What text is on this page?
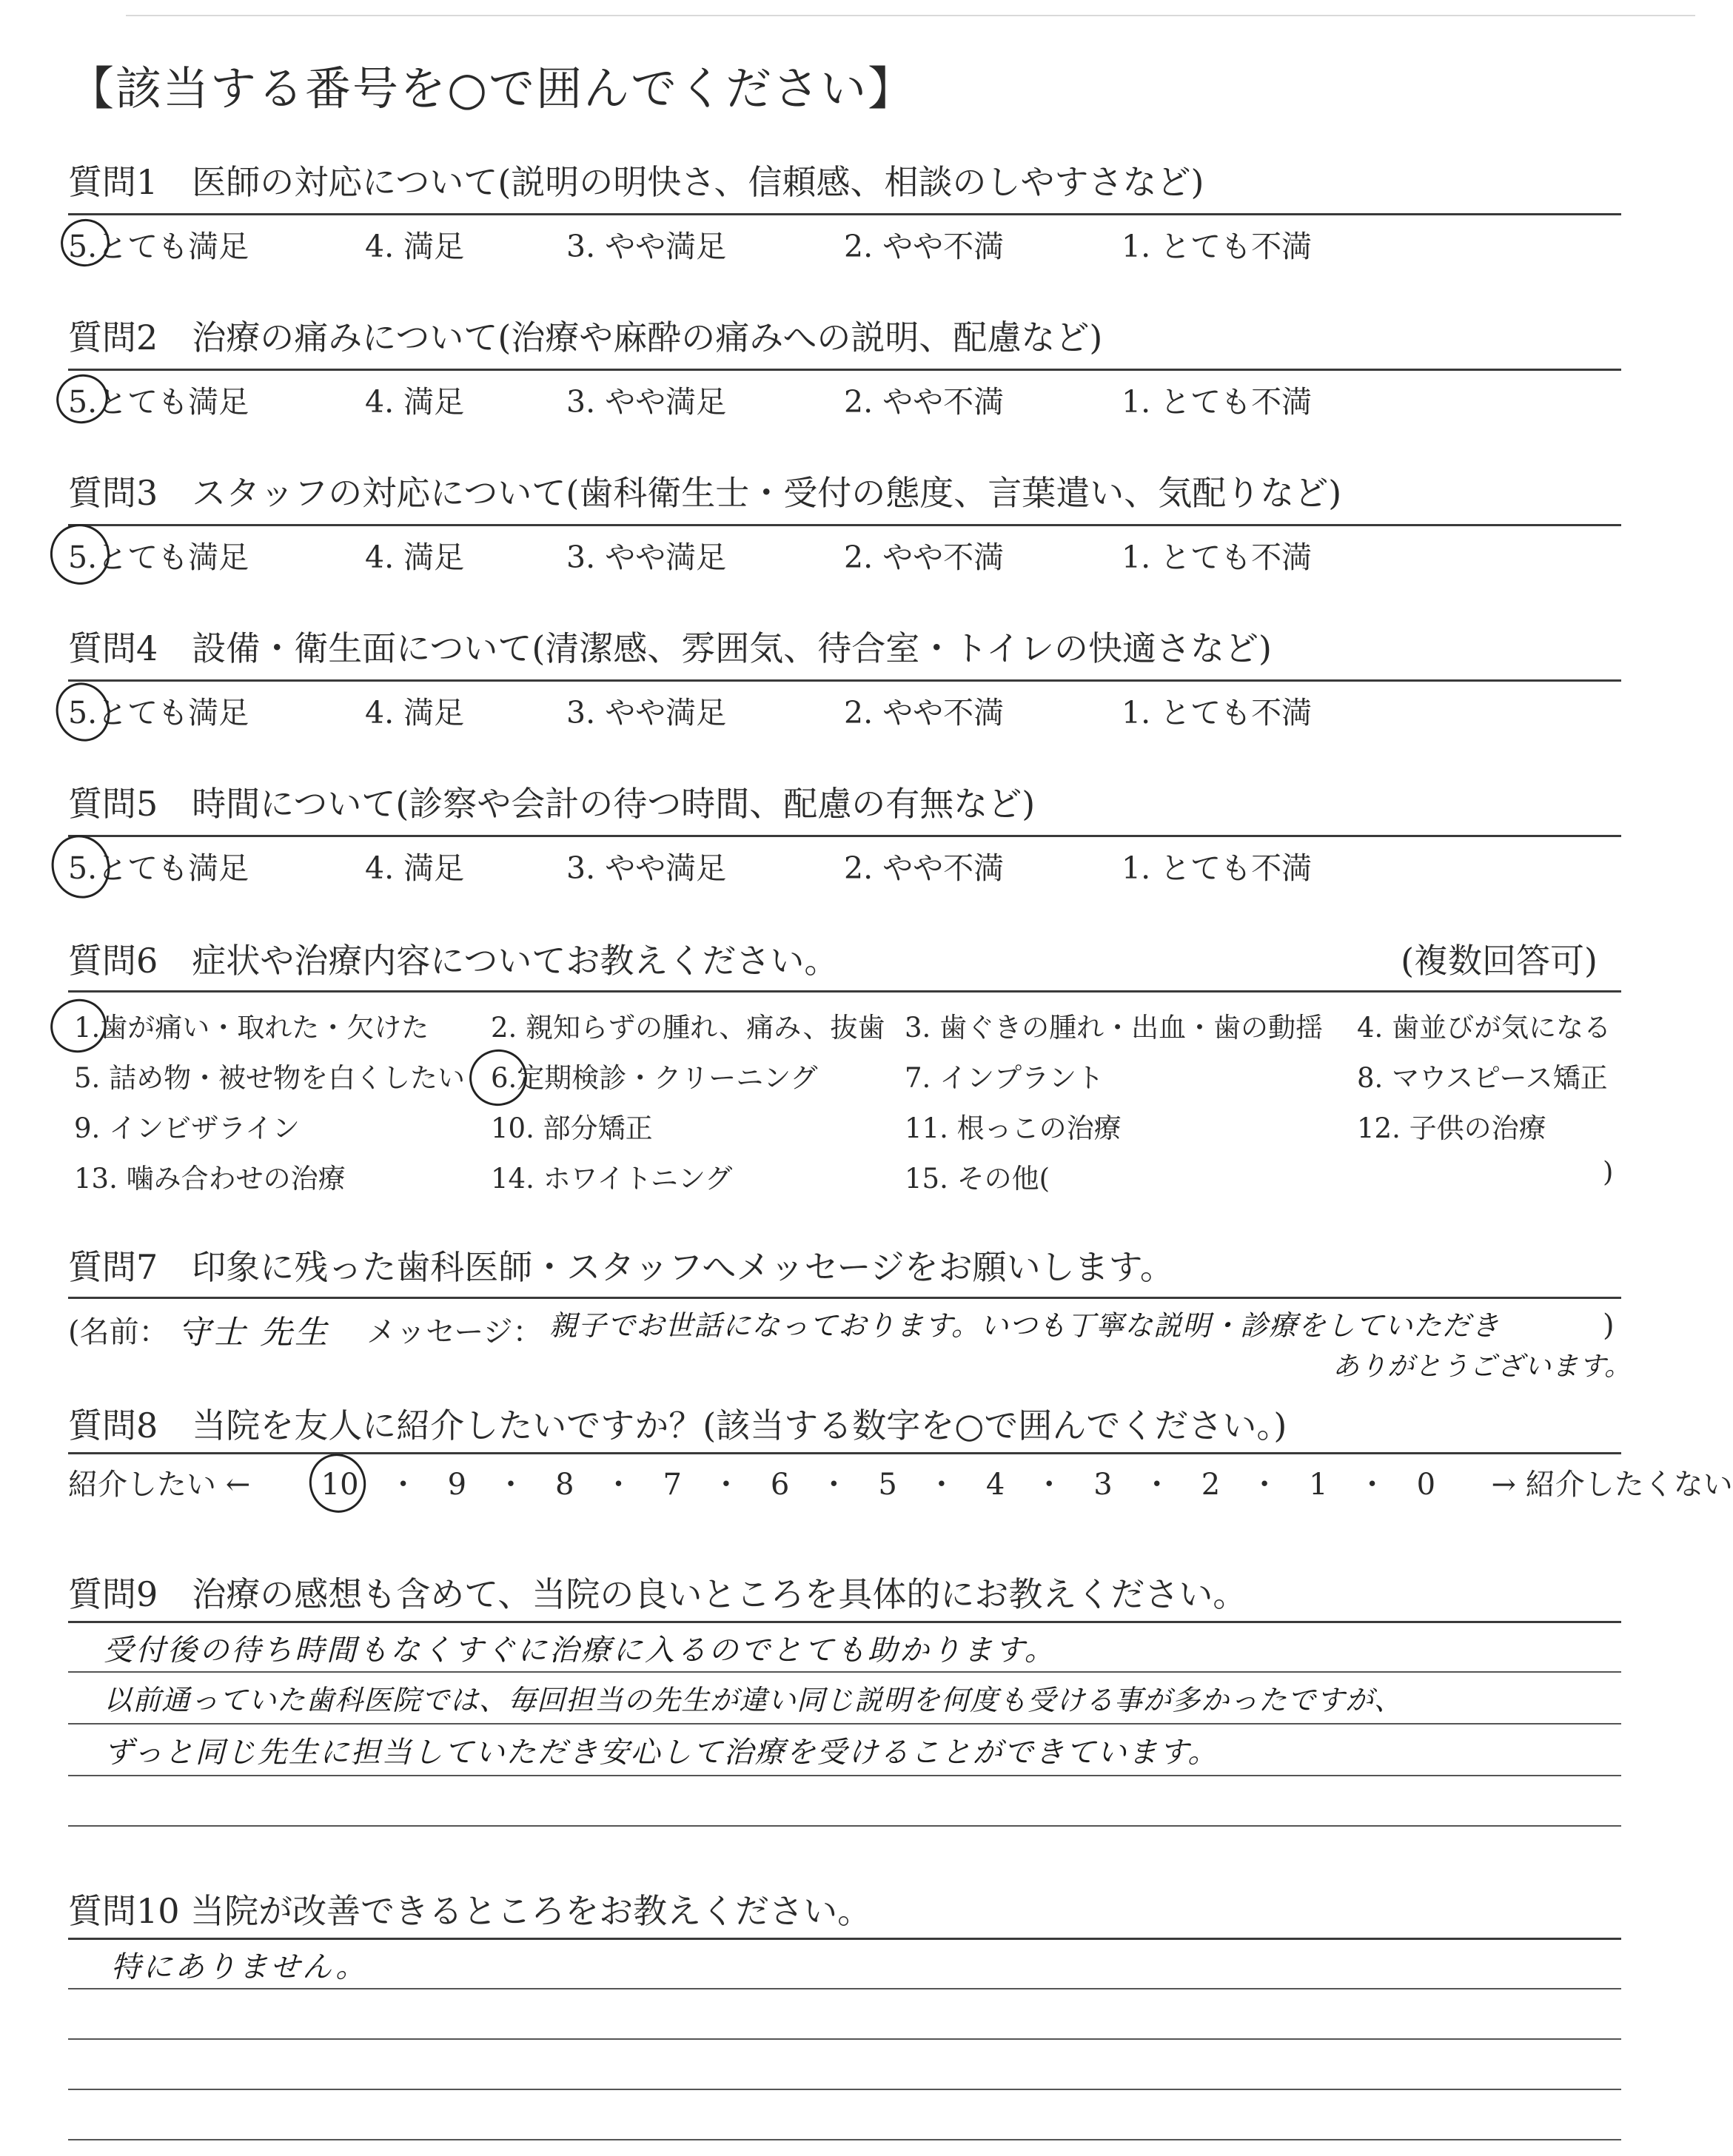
【該当する番号を○で囲んでください】
質問1　医師の対応について(説明の明快さ、信頼感、相談のしやすさなど)
5.とても満足	4. 満足	3. やや満足	2. やや不満	1. とても不満
質問2　治療の痛みについて(治療や麻酔の痛みへの説明、配慮など)
5.とても満足	4. 満足	3. やや満足	2. やや不満	1. とても不満
質問3　スタッフの対応について(歯科衛生士・受付の態度、言葉遣い、気配りなど)
5.とても満足	4. 満足	3. やや満足	2. やや不満	1. とても不満
質問4　設備・衛生面について(清潔感、雰囲気、待合室・トイレの快適さなど)
5.とても満足	4. 満足	3. やや満足	2. やや不満	1. とても不満
質問5　時間について(診察や会計の待つ時間、配慮の有無など)
5.とても満足	4. 満足	3. やや満足	2. やや不満	1. とても不満
質問6　症状や治療内容についてお教えください。	(複数回答可)
1.歯が痛い・取れた・欠けた 2. 親知らずの腫れ、痛み、抜歯 3. 歯ぐきの腫れ・出血・歯の動揺 4. 歯並びが気になる
5. 詰め物・被せ物を白くしたい 6.定期検診・クリーニング	7. インプラント	8. マウスピース矯正
9. インビザライン	10. 部分矯正	11. 根っこの治療	12. 子供の治療
13. 噛み合わせの治療	14. ホワイトニング	15. その他(	)
質問7　印象に残った歯科医師・スタッフへメッセージをお願いします。
(名前： 守士 先生 メッセージ： 親子でお世話になっております。いつも丁寧な説明・診療をしていただき
ありがとうございます。
)
質問8　当院を友人に紹介したいですか？(該当する数字を○で囲んでください。)
紹介したい ← 10　・　9　・　8　・　7　・　6　・　5　・　4　・　3　・　2　・　1　・　0 → 紹介したくない
質問9　治療の感想も含めて、当院の良いところを具体的にお教えください。
受付後の待ち時間もなくすぐに治療に入るのでとても助かります。
以前通っていた歯科医院では、毎回担当の先生が違い同じ説明を何度も受ける事が多かったですが、
ずっと同じ先生に担当していただき安心して治療を受けることができています。
質問10 当院が改善できるところをお教えください。
特にありません。
